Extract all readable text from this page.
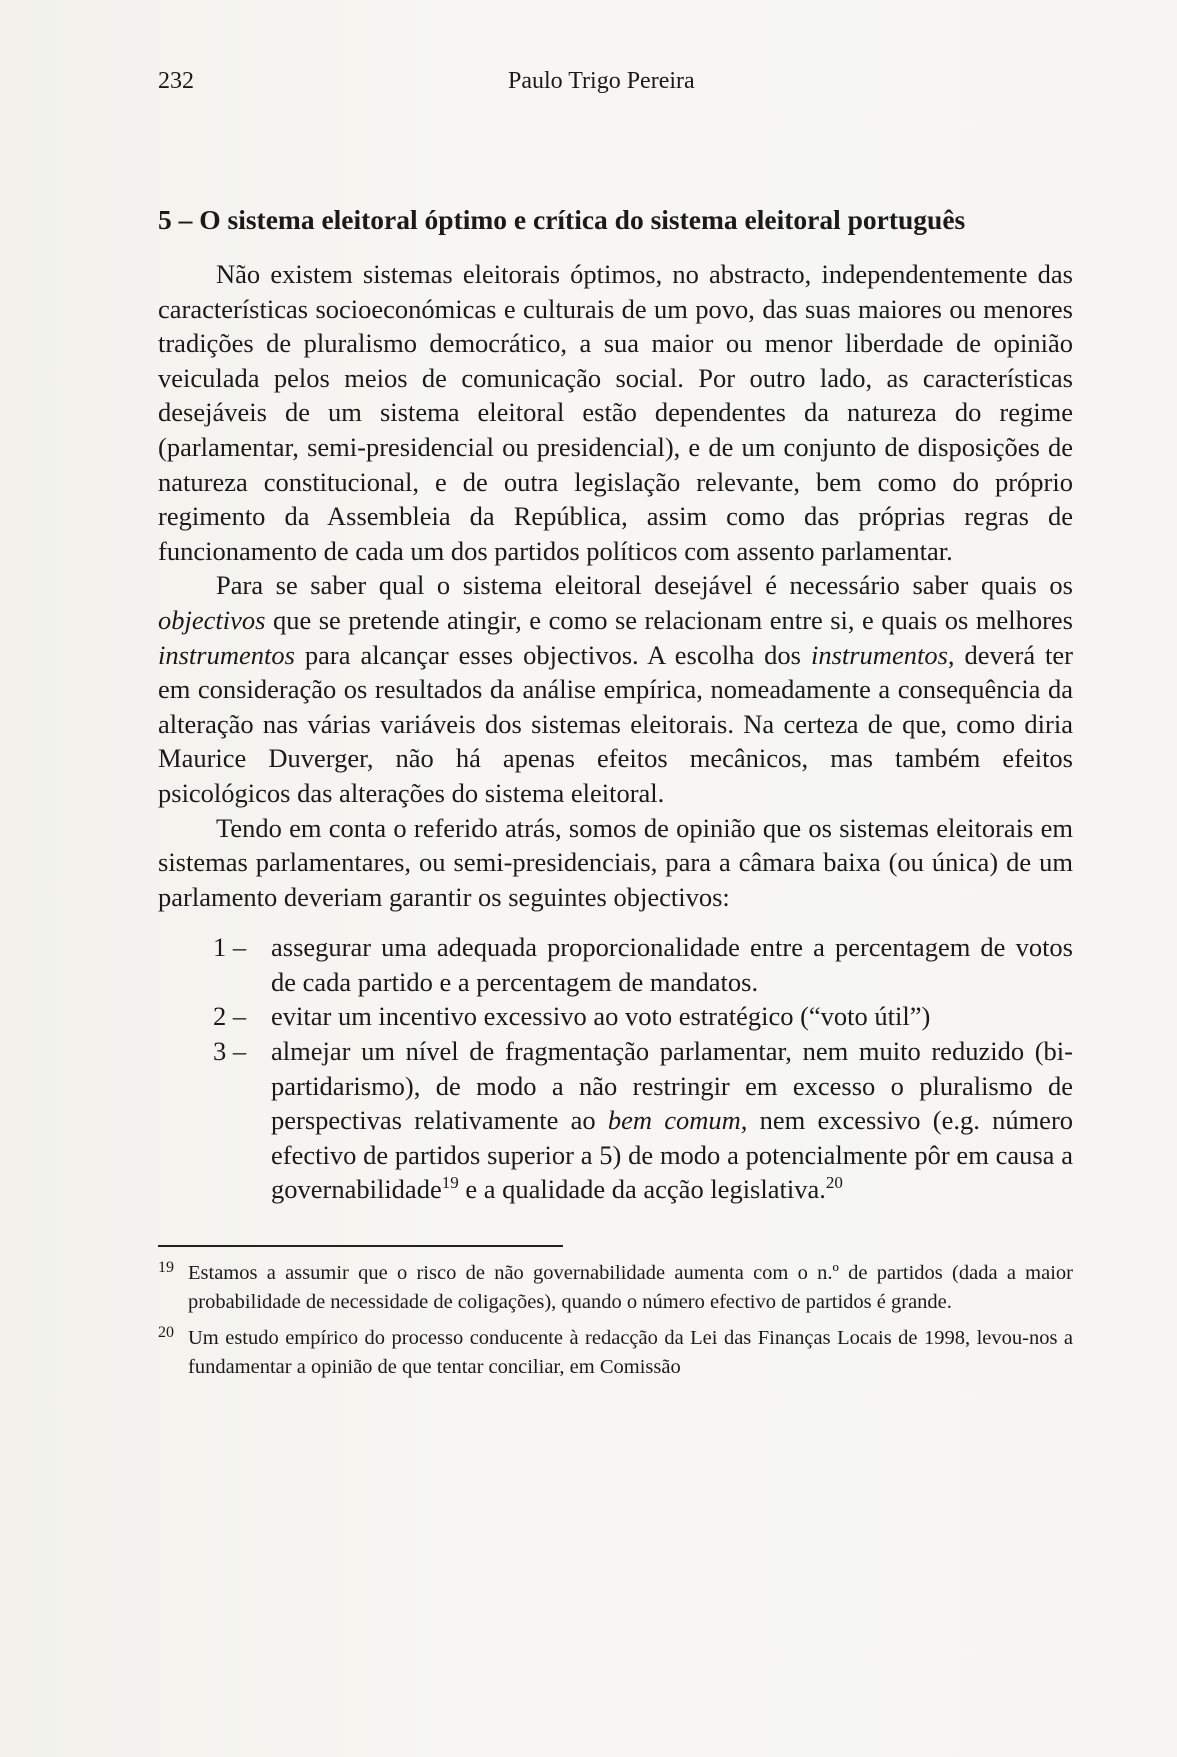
232	Paulo Trigo Pereira
5 – O sistema eleitoral óptimo e crítica do sistema eleitoral português

Não existem sistemas eleitorais óptimos, no abstracto, independentemente das características socioeconómicas e culturais de um povo, das suas maiores ou menores tradições de pluralismo democrático, a sua maior ou menor liberdade de opinião veiculada pelos meios de comunicação social. Por outro lado, as características desejáveis de um sistema eleitoral estão dependentes da natureza do regime (parlamentar, semi-presidencial ou presidencial), e de um conjunto de disposições de natureza constitucional, e de outra legislação relevante, bem como do próprio regimento da Assembleia da República, assim como das próprias regras de funcionamento de cada um dos partidos políticos com assento parlamentar.

Para se saber qual o sistema eleitoral desejável é necessário saber quais os objectivos que se pretende atingir, e como se relacionam entre si, e quais os melhores instrumentos para alcançar esses objectivos. A escolha dos instrumentos, deverá ter em consideração os resultados da análise empírica, nomeadamente a consequência da alteração nas várias variáveis dos sistemas eleitorais. Na certeza de que, como diria Maurice Duverger, não há apenas efeitos mecânicos, mas também efeitos psicológicos das alterações do sistema eleitoral.

Tendo em conta o referido atrás, somos de opinião que os sistemas eleitorais em sistemas parlamentares, ou semi-presidenciais, para a câmara baixa (ou única) de um parlamento deveriam garantir os seguintes objectivos:

1 – assegurar uma adequada proporcionalidade entre a percentagem de votos de cada partido e a percentagem de mandatos.
2 – evitar um incentivo excessivo ao voto estratégico (“voto útil”)
3 – almejar um nível de fragmentação parlamentar, nem muito reduzido (bi-partidarismo), de modo a não restringir em excesso o pluralismo de perspectivas relativamente ao bem comum, nem excessivo (e.g. número efectivo de partidos superior a 5) de modo a potencialmente pôr em causa a governabilidade$^{19}$ e a qualidade da acção legislativa.$^{20}$
19 Estamos a assumir que o risco de não governabilidade aumenta com o n.º de partidos (dada a maior probabilidade de necessidade de coligações), quando o número efectivo de partidos é grande.
20 Um estudo empírico do processo conducente à redacção da Lei das Finanças Locais de 1998, levou-nos a fundamentar a opinião de que tentar conciliar, em Comissão
